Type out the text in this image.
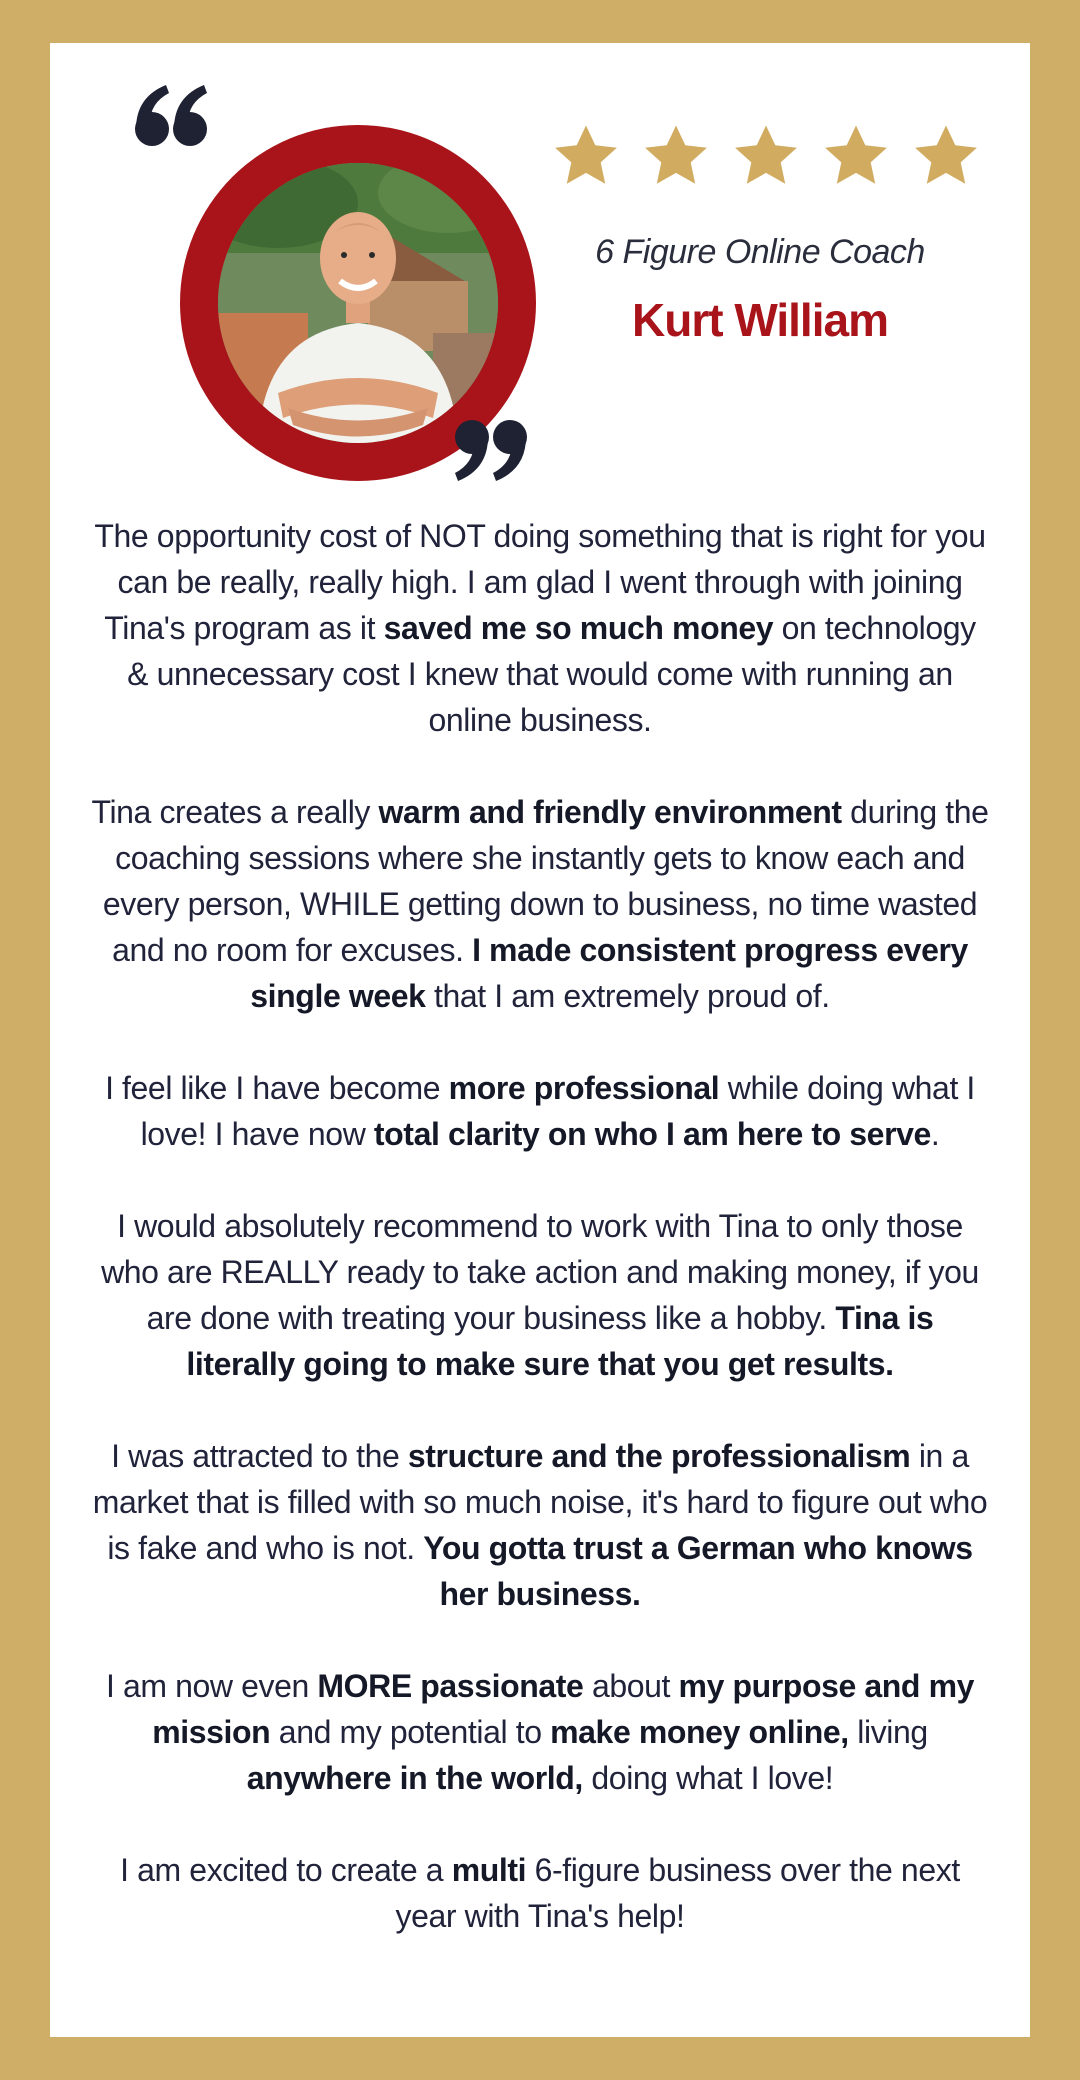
6 Figure Online Coach
Kurt William

The opportunity cost of NOT doing something that is right for you can be really, really high. I am glad I went through with joining Tina's program as it saved me so much money on technology & unnecessary cost I knew that would come with running an online business.

Tina creates a really warm and friendly environment during the coaching sessions where she instantly gets to know each and every person, WHILE getting down to business, no time wasted and no room for excuses. I made consistent progress every single week that I am extremely proud of.

I feel like I have become more professional while doing what I love! I have now total clarity on who I am here to serve.

I would absolutely recommend to work with Tina to only those who are REALLY ready to take action and making money, if you are done with treating your business like a hobby. Tina is literally going to make sure that you get results.

I was attracted to the structure and the professionalism in a market that is filled with so much noise, it's hard to figure out who is fake and who is not. You gotta trust a German who knows her business.

I am now even MORE passionate about my purpose and my mission and my potential to make money online, living anywhere in the world, doing what I love!

I am excited to create a multi 6-figure business over the next year with Tina's help!
